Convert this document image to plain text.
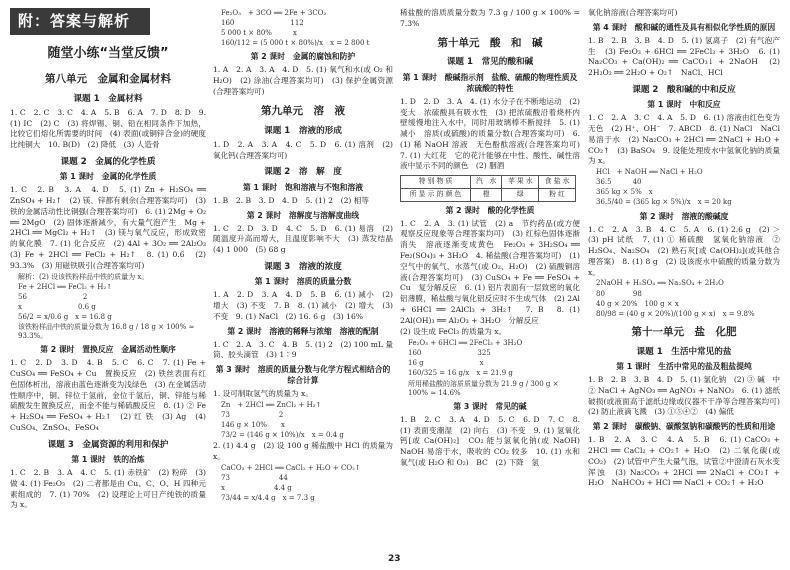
附：答案与解析
随堂小练“当堂反馈”
第八单元　金属和金属材料
课题 1　金属材料
1. C　2. C　3. C　4. A　5. B　6. A　7. D　8. D　9. (1) IC　(2) C　(3) 将焊锡、铜、铅在相同条件下加热，比较它们熔化所需要的时间　(4) 表面(或铜锌合金)的硬度比纯铜大　10. B(D)　(2) 降低　(3) 人造骨
课题 2　金属的化学性质
第 1 课时　金属的化学性质
1. C　2. B　3. A　4. D　5. (1) Zn + H₂SO₄ ══ ZnSO₄ + H₂↑　(2) 镁、锌都有剩余(合理答案均可)　(3) 铁的金属活动性比铜强(合理答案均可)　6. (1) 2Mg + O₂ ══ 2MgO　(2) 固体逐渐减少，有大量气泡产生　Mg + 2HCl ══ MgCl₂ + H₂↑　(3) 镁与氧气反应，形成致密的氧化膜　7. (1) 化合反应　(2) 4Al + 3O₂ ══ 2Al₂O₃　(3) Fe + 2HCl ══ FeCl₂ + H₂↑　8. (1) 0.6　(2) 93.3%　(3) 用磁铁吸引(合理答案均可)
解析：(2) 设该铁粉样品中铁的质量为 x。
Fe + 2HCl ══ FeCl₂ + H₂↑
56　　　　　　　　2
x　　　　　　　　0.6 g
56/2 = x/0.6 g　x = 16.8 g
该铁粉样品中铁的质量分数为 16.8 g / 18 g × 100% ≈ 93.3%。
第 2 课时　置换反应　金属活动性顺序
1. C　2. D　3. D　4. B　5. C　6. C　7. (1) Fe + CuSO₄ ══ FeSO₄ + Cu　置换反应　(2) 铁丝表面有红色固体析出，溶液由蓝色逐渐变为浅绿色　(3) 在金属活动性顺序中，铜、锌位于氢前，金位于氢后，铜、锌能与稀硫酸发生置换反应，而金不能与稀硫酸反应　8. (1) ② Fe + H₂SO₄ ══ FeSO₄ + H₂↑　(2) 红 铁　(3) Ag　(4) CuSO₄、ZnSO₄、FeSO₄
课题 3　金属资源的利用和保护
第 1 课时　铁的冶炼
1. C　2. B　3. A　4. C　5. (1) 赤铁矿　(2) 粉碎　(3) 做 4. (1) Fe₂O₃　(2) 二者都是由 Cu、C、O、H 四种元素组成的　7. (1) 70%　(2) 设理论上可日产纯铁的质量为 x。
Fe₂O₃　+ 3CO ══ 2Fe + 3CO₂
160　　　　　　　　112
5 000 t × 80%　　　x
160/112 = (5 000 t × 80%)/x　x = 2 800 t
第 2 课时　金属的腐蚀和防护
1. A　2. A　3. A　4. D　5. (1) 氧气和水(或 O₂ 和 H₂O)　(2) 涂油(合理答案均可)　(3) 保护金属资源(合理答案均可)
第九单元　溶　液
课题 1　溶液的形成
1. D　2. A　3. A　4. C　5. D　6. (1) 溶剂　(2) 氧化钙(合理答案均可)
课题 2　溶　解　度
第 1 课时　饱和溶液与不饱和溶液
1. B　2. B　3. D　4. D　5. (1) 2　(2) 相等
第 2 课时　溶解度与溶解度曲线
1. C　2. D　3. D　4. C　5. D　6. (1) 易溶　(2) 随温度升高而增大，且温度影响不大　(3) 蒸发结晶　(4) 1 000　(5) 68 g
课题 3　溶液的浓度
第 1 课时　溶质的质量分数
1. A　2. D　3. A　4. D　5. B　6. (1) 减小　(2) 增大　(3) 不变　7. B　8. (1) 减小　(2) 增大　(3) 不变　9. (1) NaCl　(2) 16. 6 g　(3) 16%
第 2 课时　溶液的稀释与浓缩　溶液的配制
1. C　2. A　3. C　4. B　5. (1) 2　(2) 100 mL 量筒、胶头滴管　(3) 1∶9
第 3 课时　溶质的质量分数与化学方程式相结合的综合计算
1. 设可制取氢气的质量为 x。
Zn　+ 2HCl ══ ZnCl₂ + H₂↑
73　　　　　　　2
146 g × 10%　　x
73/2 = (146 g × 10%)/x　x = 0.4 g
2. (1) 4.4 g　(2) 设 100 g 稀盐酸中 HCl 的质量为 x。
CaCO₃ + 2HCl ══ CaCl₂ + H₂O + CO₂↑
73　　　　　　　44
x　　　　　　　4.4 g
73/44 = x/4.4 g　x = 7.3 g
稀盐酸的溶质质量分数为 7.3 g / 100 g × 100% = 7.3%
第十单元　酸　和　碱
课题 1　常见的酸和碱
第 1 课时　酸碱指示剂　盐酸、硫酸的物理性质及浓硫酸的特性
1. D　2. D　3. A　4. (1) 水分子在不断地运动　(2) 变大　浓硫酸具有吸水性　(3) 把浓硫酸沿着烧杯内壁缓慢地注入水中，同时用玻璃棒不断搅拌　5. (1) 减小　溶质(或硫酸)的质量分数(合理答案均可)　6. (1) 稀 NaOH 溶液　无色酚酞溶液(合理答案均可)　7. (1) 大红花　它的花汁能够在中性、酸性、碱性溶液中显示不同的颜色　(2) 胭酒
特 别 物 质	汽　水	苹 果 水	食 盐 水
所 显 示 的 颜 色	橙	绿	粉 红
第 2 课时　酸的化学性质
1. C　2. A　3. (1) 试管　(2) a　节约药品(或方便观察反应现象等合理答案均可)　(3) 红棕色固体逐渐消失　溶液逐渐变成黄色　Fe₂O₃ + 3H₂SO₄ ══ Fe₂(SO₄)₃ + 3H₂O　4. 稀盐酸(合理答案均可)　(1) 空气中的氧气、水蒸气(或 O₂、H₂O)　(2) 硫酸铜溶液(合理答案均可)　(3) CuSO₄ + Fe ══ FeSO₄ + Cu　复分解反应　6. (1) 铝片表面有一层致密的氧化铝薄膜，稀盐酸与氧化铝反应时不生成气体　(2) 2Al + 6HCl ══ 2AlCl₃ + 3H₂↑　7. B　8. (1) 2Al(OH)₃ ══ Al₂O₃ + 3H₂O　分解反应
(2) 设生成 FeCl₃ 的质量为 x。
Fe₂O₃ + 6HCl ══ 2FeCl₃ + 3H₂O
160　　　　　　　　325
16 g　　　　　　　　x
160/325 = 16 g/x　x = 21.9 g
所用稀盐酸的溶质质量分数为 21.9 g / 300 g × 100% ≈ 14.6%
第 3 课时　常见的碱
1. B　2. C　3. A　4. D　5. C　6. D　7. C　8. (1) 表面变潮湿　(2) 向右　(3) 不变　9. (1) 氢氧化钙[或 Ca(OH)₂]　CO₂ 能与氢氧化钠(或 NaOH)　NaOH 易溶于水，吸收的 CO₂ 较多　10. (1) 水和氧气(或 H₂O 和 O₂)　BC　(2) 下降　氢
氧化钠溶液(合理答案均可)
第 4 课时　酸和碱的通性及具有相似化学性质的原因
1. B　2. B　3. B　4. D　5. (1) 氢离子　(2) 有气泡产生　(3) Fe₂O₃ + 6HCl ══ 2FeCl₃ + 3H₂O　6. (1) Na₂CO₃ + Ca(OH)₂ ══ CaCO₃↓ + 2NaOH　(2) 2H₂O₂ ══ 2H₂O + O₂↑　NaCl、HCl
课题 2　酸和碱的中和反应
第 1 课时　中和反应
1. C　2. A　3. C　4. A　5. D　6. (1) 溶液由红色变为无色　(2) H⁺、OH⁻　7. ABCD　8. (1) NaCl　NaCl 易溶于水　(2) Na₂CO₃ + 2HCl ══ 2NaCl + H₂O + CO₂↑　(3) BaSO₄　9. 设能处理废水中氢氧化钠的质量为 x。
HCl　+ NaOH ══ NaCl + H₂O
36.5　　　40
365 kg × 5%　x
36.5/40 = (365 kg × 5%)/x　x = 20 kg
第 2 课时　溶液的酸碱度
1. C　2. A　3. B　4. C　5. A　6. (1) 2.6 g　(2) ＞　(3) pH 试纸　7. (1) ① 稀硫酸　氢氧化钠溶液　② H₂SO₄、Na₂SO₄　(2) 熟石灰[或 Ca(OH)₂](或其他合理答案)　8. (1) 8 g　(2) 设该废水中硫酸的质量分数为 x。
2NaOH + H₂SO₄ ══ Na₂SO₄ + 2H₂O
80　　　　98
40 g × 20%　100 g × x
80/98 = (40 g × 20%)/(100 g × x)　x = 9.8%
第十一单元　盐　化肥
课题 1　生活中常见的盐
第 1 课时　生活中常见的盐及粗盐提纯
1. B　2. B　3. B　4. D　5. (1) 氯化钠　(2) ③ 碱　中　② NaCl + AgNO₃ ══ AgNO₃ + NaNO₃　6. (1) 滤纸破损(或液面高于滤纸边缘或仪器不干净等合理答案均可)　(2) 防止液滴飞溅　(3) ①⑤④②　(4) 偏低
第 2 课时　碳酸钠、碳酸氢钠和碳酸钙的性质和用途
1. B　2. A　3. C　4. A　5. B　6. (1) CaCO₃ + 2HCl ══ CaCl₂ + CO₂↑ + H₂O　(2) 二氧化碳(或 CO₂)　(2) 试管中产生大量气泡，试管②中澄清石灰水变浑浊　(3) Na₂CO₃ + 2HCl ══ 2NaCl + CO₂↑ + H₂O　NaHCO₃ + HCl ══ NaCl + CO₂↑ + H₂O
23
